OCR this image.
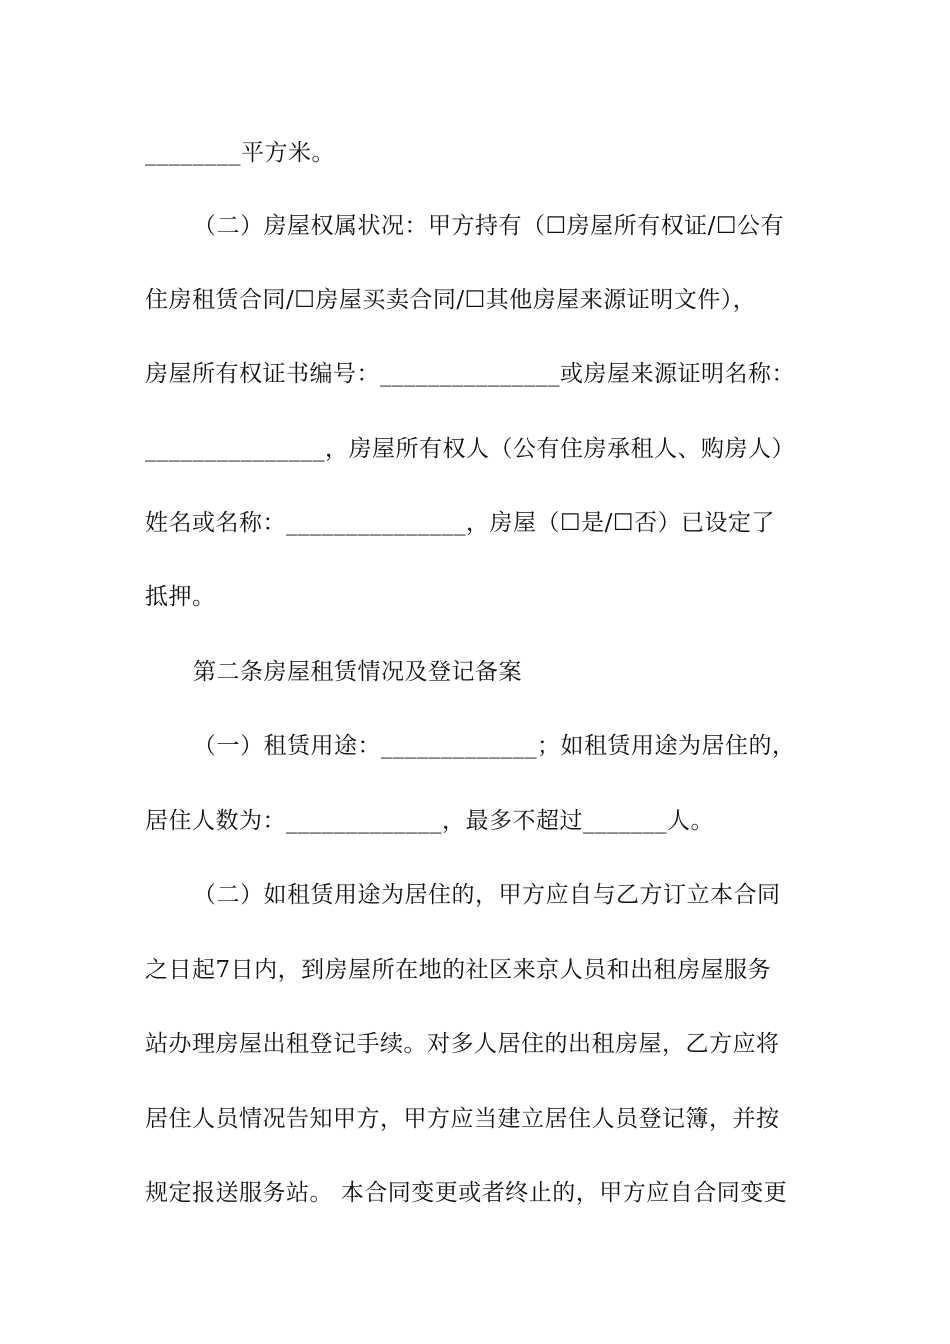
________平方米。
（二）房屋权属状况：甲方持有（☐房屋所有权证/☐公有
住房租赁合同/☐房屋买卖合同/☐其他房屋来源证明文件），
房屋所有权证书编号：_______________或房屋来源证明名称：
_______________，房屋所有权人（公有住房承租人、购房人）
姓名或名称：_______________，房屋（☐是/☐否）已设定了
抵押。
第二条房屋租赁情况及登记备案
（一）租赁用途：_____________；如租赁用途为居住的，
居住人数为：_____________，最多不超过_______人。
（二）如租赁用途为居住的，甲方应自与乙方订立本合同
之日起7日内，到房屋所在地的社区来京人员和出租房屋服务
站办理房屋出租登记手续。对多人居住的出租房屋，乙方应将
居住人员情况告知甲方，甲方应当建立居住人员登记簿，并按
规定报送服务站。 本合同变更或者终止的，甲方应自合同变更
